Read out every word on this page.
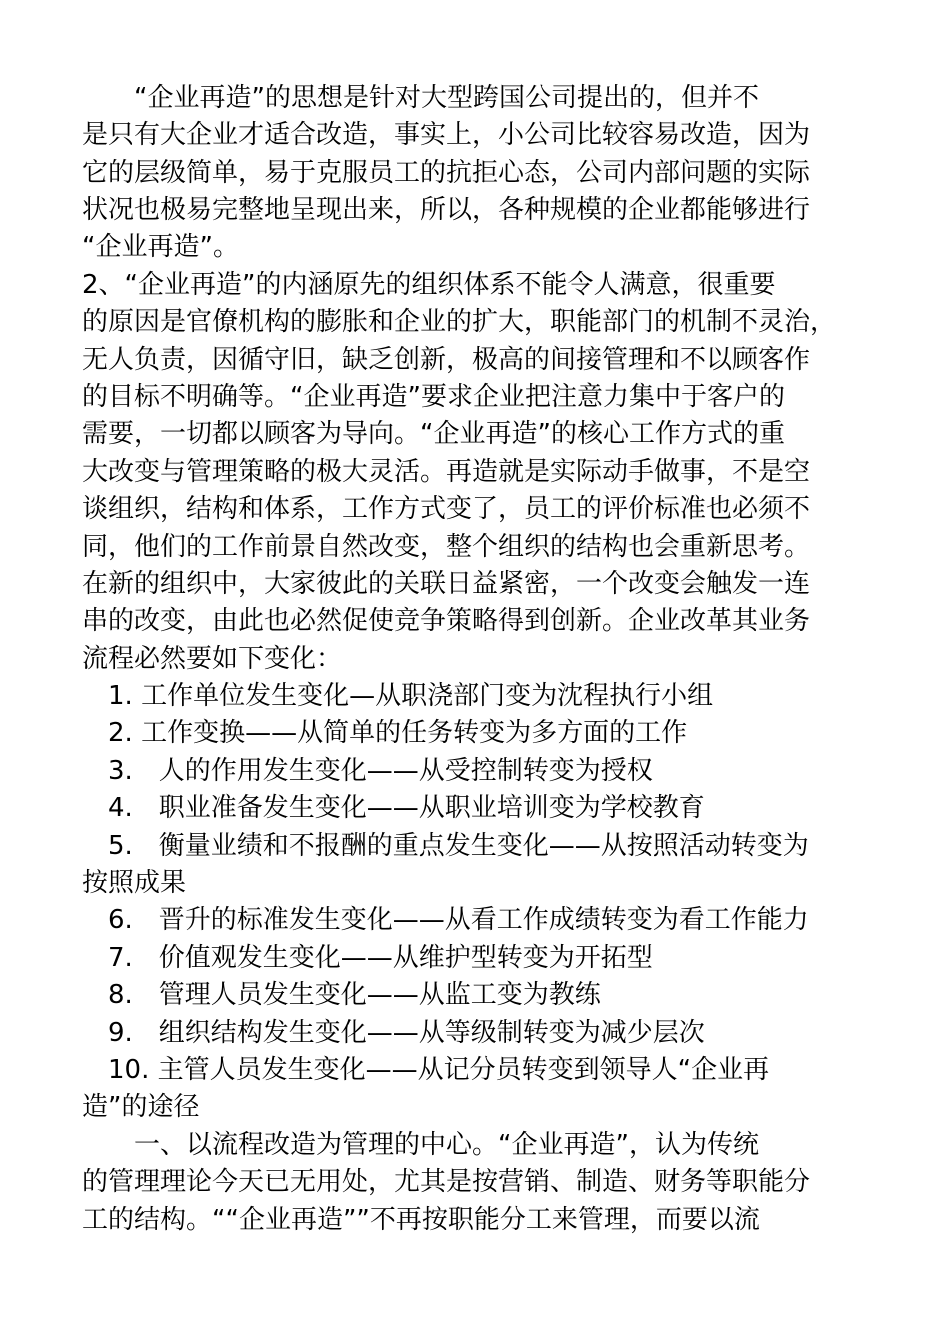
　　“企业再造”的思想是针对大型跨国公司提出的，但并不
是只有大企业才适合改造，事实上，小公司比较容易改造，因为
它的层级简单，易于克服员工的抗拒心态，公司内部问题的实际
状况也极易完整地呈现出来，所以，各种规模的企业都能够进行
“企业再造”。
2、“企业再造”的内涵原先的组织体系不能令人满意，很重要
的原因是官僚机构的膨胀和企业的扩大，职能部门的机制不灵治，
无人负责，因循守旧，缺乏创新，极高的间接管理和不以顾客作
的目标不明确等。“企业再造”要求企业把注意力集中于客户的
需要，一切都以顾客为导向。“企业再造”的核心工作方式的重
大改变与管理策略的极大灵活。再造就是实际动手做事，不是空
谈组织，结构和体系，工作方式变了，员工的评价标准也必须不
同，他们的工作前景自然改变，整个组织的结构也会重新思考。
在新的组织中，大家彼此的关联日益紧密，一个改变会触发一连
串的改变，由此也必然促使竞争策略得到创新。企业改革其业务
流程必然要如下变化：
　1. 工作单位发生变化—从职浇部门变为沈程执行小组
　2. 工作变换——从简单的任务转变为多方面的工作
　3.　人的作用发生变化——从受控制转变为授权
　4.　职业准备发生变化——从职业培训变为学校教育
　5.　衡量业绩和不报酬的重点发生变化——从按照活动转变为
按照成果
　6.　晋升的标准发生变化——从看工作成绩转变为看工作能力
　7.　价值观发生变化——从维护型转变为开拓型
　8.　管理人员发生变化——从监工变为教练
　9.　组织结构发生变化——从等级制转变为减少层次
　10. 主管人员发生变化——从记分员转变到领导人“企业再
造”的途径
　　一、以流程改造为管理的中心。“企业再造”，认为传统
的管理理论今天已无用处，尤其是按营销、制造、财务等职能分
工的结构。““企业再造””不再按职能分工来管理，而要以流
